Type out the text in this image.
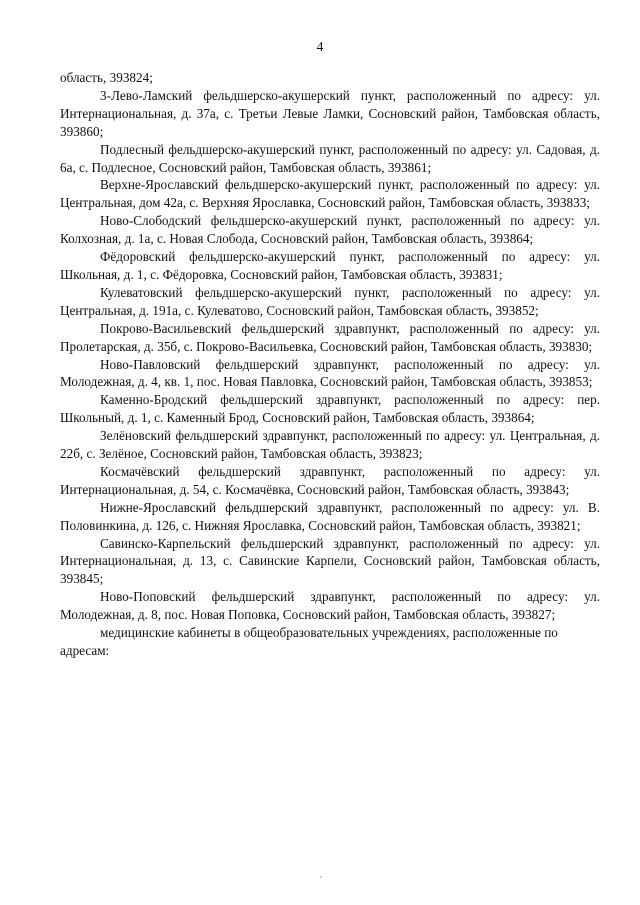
4

область, 393824;

3-Лево-Ламский фельдшерско-акушерский пункт, расположенный по адресу: ул. Интернациональная, д. 37а, с. Третьи Левые Ламки, Сосновский район, Тамбовская область, 393860;

Подлесный фельдшерско-акушерский пункт, расположенный по адресу: ул. Садовая, д. 6а, с. Подлесное, Сосновский район, Тамбовская область, 393861;

Верхне-Ярославский фельдшерско-акушерский пункт, расположенный по адресу: ул. Центральная, дом 42а, с. Верхняя Ярославка, Сосновский район, Тамбовская область, 393833;

Ново-Слободский фельдшерско-акушерский пункт, расположенный по адресу: ул. Колхозная, д. 1а, с. Новая Слобода, Сосновский район, Тамбовская область, 393864;

Фёдоровский фельдшерско-акушерский пункт, расположенный по адресу: ул. Школьная, д. 1, с. Фёдоровка, Сосновский район, Тамбовская область, 393831;

Кулеватовский фельдшерско-акушерский пункт, расположенный по адресу: ул. Центральная, д. 191а, с. Кулеватово, Сосновский район, Тамбовская область, 393852;

Покрово-Васильевский фельдшерский здравпункт, расположенный по адресу: ул. Пролетарская, д. 35б, с. Покрово-Васильевка, Сосновский район, Тамбовская область, 393830;

Ново-Павловский фельдшерский здравпункт, расположенный по адресу: ул. Молодежная, д. 4, кв. 1, пос. Новая Павловка, Сосновский район, Тамбовская область, 393853;

Каменно-Бродский фельдшерский здравпункт, расположенный по адресу: пер. Школьный, д. 1, с. Каменный Брод, Сосновский район, Тамбовская область, 393864;

Зелёновский фельдшерский здравпункт, расположенный по адресу: ул. Центральная, д. 22б, с. Зелёное, Сосновский район, Тамбовская область, 393823;

Космачёвский фельдшерский здравпункт, расположенный по адресу: ул. Интернациональная, д. 54, с. Космачёвка, Сосновский район, Тамбовская область, 393843;

Нижне-Ярославский фельдшерский здравпункт, расположенный по адресу: ул. В. Половинкина, д. 126, с. Нижняя Ярославка, Сосновский район, Тамбовская область, 393821;

Савинско-Карпельский фельдшерский здравпункт, расположенный по адресу: ул. Интернациональная, д. 13, с. Савинские Карпели, Сосновский район, Тамбовская область, 393845;

Ново-Поповский фельдшерский здравпункт, расположенный по адресу: ул. Молодежная, д. 8, пос. Новая Поповка, Сосновский район, Тамбовская область, 393827;

медицинские кабинеты в общеобразовательных учреждениях, расположенные по адресам:
